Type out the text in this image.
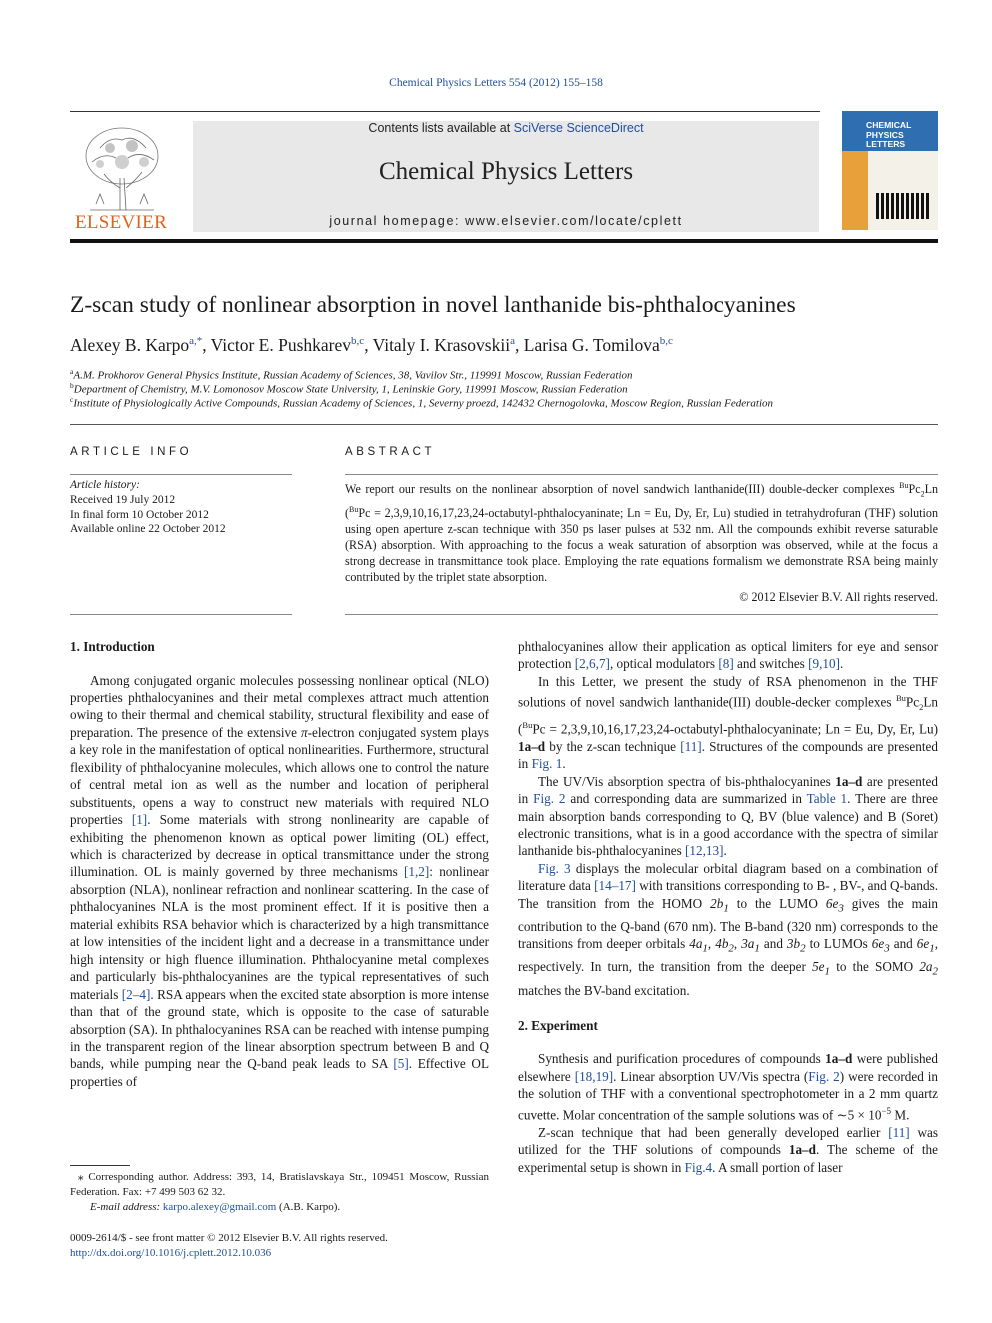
Chemical Physics Letters 554 (2012) 155–158
ELSEVIER
Contents lists available at SciVerse ScienceDirect
Chemical Physics Letters
journal homepage: www.elsevier.com/locate/cplett
CHEMICAL
PHYSICS
LETTERS
Z-scan study of nonlinear absorption in novel lanthanide bis-phthalocyanines
Alexey B. Karpo$^{a,*}$, Victor E. Pushkarev$^{b,c}$, Vitaly I. Krasovskii$^a$, Larisa G. Tomilova$^{b,c}$
$^a$A.M. Prokhorov General Physics Institute, Russian Academy of Sciences, 38, Vavilov Str., 119991 Moscow, Russian Federation
$^b$Department of Chemistry, M.V. Lomonosov Moscow State University, 1, Leninskie Gory, 119991 Moscow, Russian Federation
$^c$Institute of Physiologically Active Compounds, Russian Academy of Sciences, 1, Severny proezd, 142432 Chernogolovka, Moscow Region, Russian Federation
ARTICLE INFO
Article history:
Received 19 July 2012
In final form 10 October 2012
Available online 22 October 2012
ABSTRACT
We report our results on the nonlinear absorption of novel sandwich lanthanide(III) double-decker complexes $^{Bu}Pc_2Ln$ ($^{Bu}$Pc = 2,3,9,10,16,17,23,24-octabutyl-phthalocyaninate; Ln = Eu, Dy, Er, Lu) studied in tetrahydrofuran (THF) solution using open aperture z-scan technique with 350 ps laser pulses at 532 nm. All the compounds exhibit reverse saturable (RSA) absorption. With approaching to the focus a weak saturation of absorption was observed, while at the focus a strong decrease in transmittance took place. Employing the rate equations formalism we demonstrate RSA being mainly contributed by the triplet state absorption.
© 2012 Elsevier B.V. All rights reserved.
1. Introduction

Among conjugated organic molecules possessing nonlinear optical (NLO) properties phthalocyanines and their metal complexes attract much attention owing to their thermal and chemical stability, structural flexibility and ease of preparation. The presence of the extensive π-electron conjugated system plays a key role in the manifestation of optical nonlinearities. Furthermore, structural flexibility of phthalocyanine molecules, which allows one to control the nature of central metal ion as well as the number and location of peripheral substituents, opens a way to construct new materials with required NLO properties [1]. Some materials with strong nonlinearity are capable of exhibiting the phenomenon known as optical power limiting (OL) effect, which is characterized by decrease in optical transmittance under the strong illumination. OL is mainly governed by three mechanisms [1,2]: nonlinear absorption (NLA), nonlinear refraction and nonlinear scattering. In the case of phthalocyanines NLA is the most prominent effect. If it is positive then a material exhibits RSA behavior which is characterized by a high transmittance at low intensities of the incident light and a decrease in a transmittance under high intensity or high fluence illumination. Phthalocyanine metal complexes and particularly bis-phthalocyanines are the typical representatives of such materials [2–4]. RSA appears when the excited state absorption is more intense than that of the ground state, which is opposite to the case of saturable absorption (SA). In phthalocyanines RSA can be reached with intense pumping in the transparent region of the linear absorption spectrum between B and Q bands, while pumping near the Q-band peak leads to SA [5]. Effective OL properties of

⁎ Corresponding author. Address: 393, 14, Bratislavskaya Str., 109451 Moscow, Russian Federation. Fax: +7 499 503 62 32.
E-mail address: karpo.alexey@gmail.com (A.B. Karpo).
0009-2614/$ - see front matter © 2012 Elsevier B.V. All rights reserved.
http://dx.doi.org/10.1016/j.cplett.2012.10.036

phthalocyanines allow their application as optical limiters for eye and sensor protection [2,6,7], optical modulators [8] and switches [9,10].

In this Letter, we present the study of RSA phenomenon in the THF solutions of novel sandwich lanthanide(III) double-decker complexes $^{Bu}Pc_2Ln$ ($^{Bu}$Pc = 2,3,9,10,16,17,23,24-octabutyl-phthalocyaninate; Ln = Eu, Dy, Er, Lu) 1a–d by the z-scan technique [11]. Structures of the compounds are presented in Fig. 1.

The UV/Vis absorption spectra of bis-phthalocyanines 1a–d are presented in Fig. 2 and corresponding data are summarized in Table 1. There are three main absorption bands corresponding to Q, BV (blue valence) and B (Soret) electronic transitions, what is in a good accordance with the spectra of similar lanthanide bis-phthalocyanines [12,13].

Fig. 3 displays the molecular orbital diagram based on a combination of literature data [14–17] with transitions corresponding to B- , BV-, and Q-bands. The transition from the HOMO $2b_1$ to the LUMO $6e_3$ gives the main contribution to the Q-band (670 nm). The B-band (320 nm) corresponds to the transitions from deeper orbitals $4a_1$, $4b_2$, $3a_1$ and $3b_2$ to LUMOs $6e_3$ and $6e_1$, respectively. In turn, the transition from the deeper $5e_1$ to the SOMO $2a_2$ matches the BV-band excitation.

2. Experiment

Synthesis and purification procedures of compounds 1a–d were published elsewhere [18,19]. Linear absorption UV/Vis spectra (Fig. 2) were recorded in the solution of THF with a conventional spectrophotometer in a 2 mm quartz cuvette. Molar concentration of the sample solutions was of ∼5 × $10^{-5}$ M.

Z-scan technique that had been generally developed earlier [11] was utilized for the THF solutions of compounds 1a–d. The scheme of the experimental setup is shown in Fig.4. A small portion of laser
